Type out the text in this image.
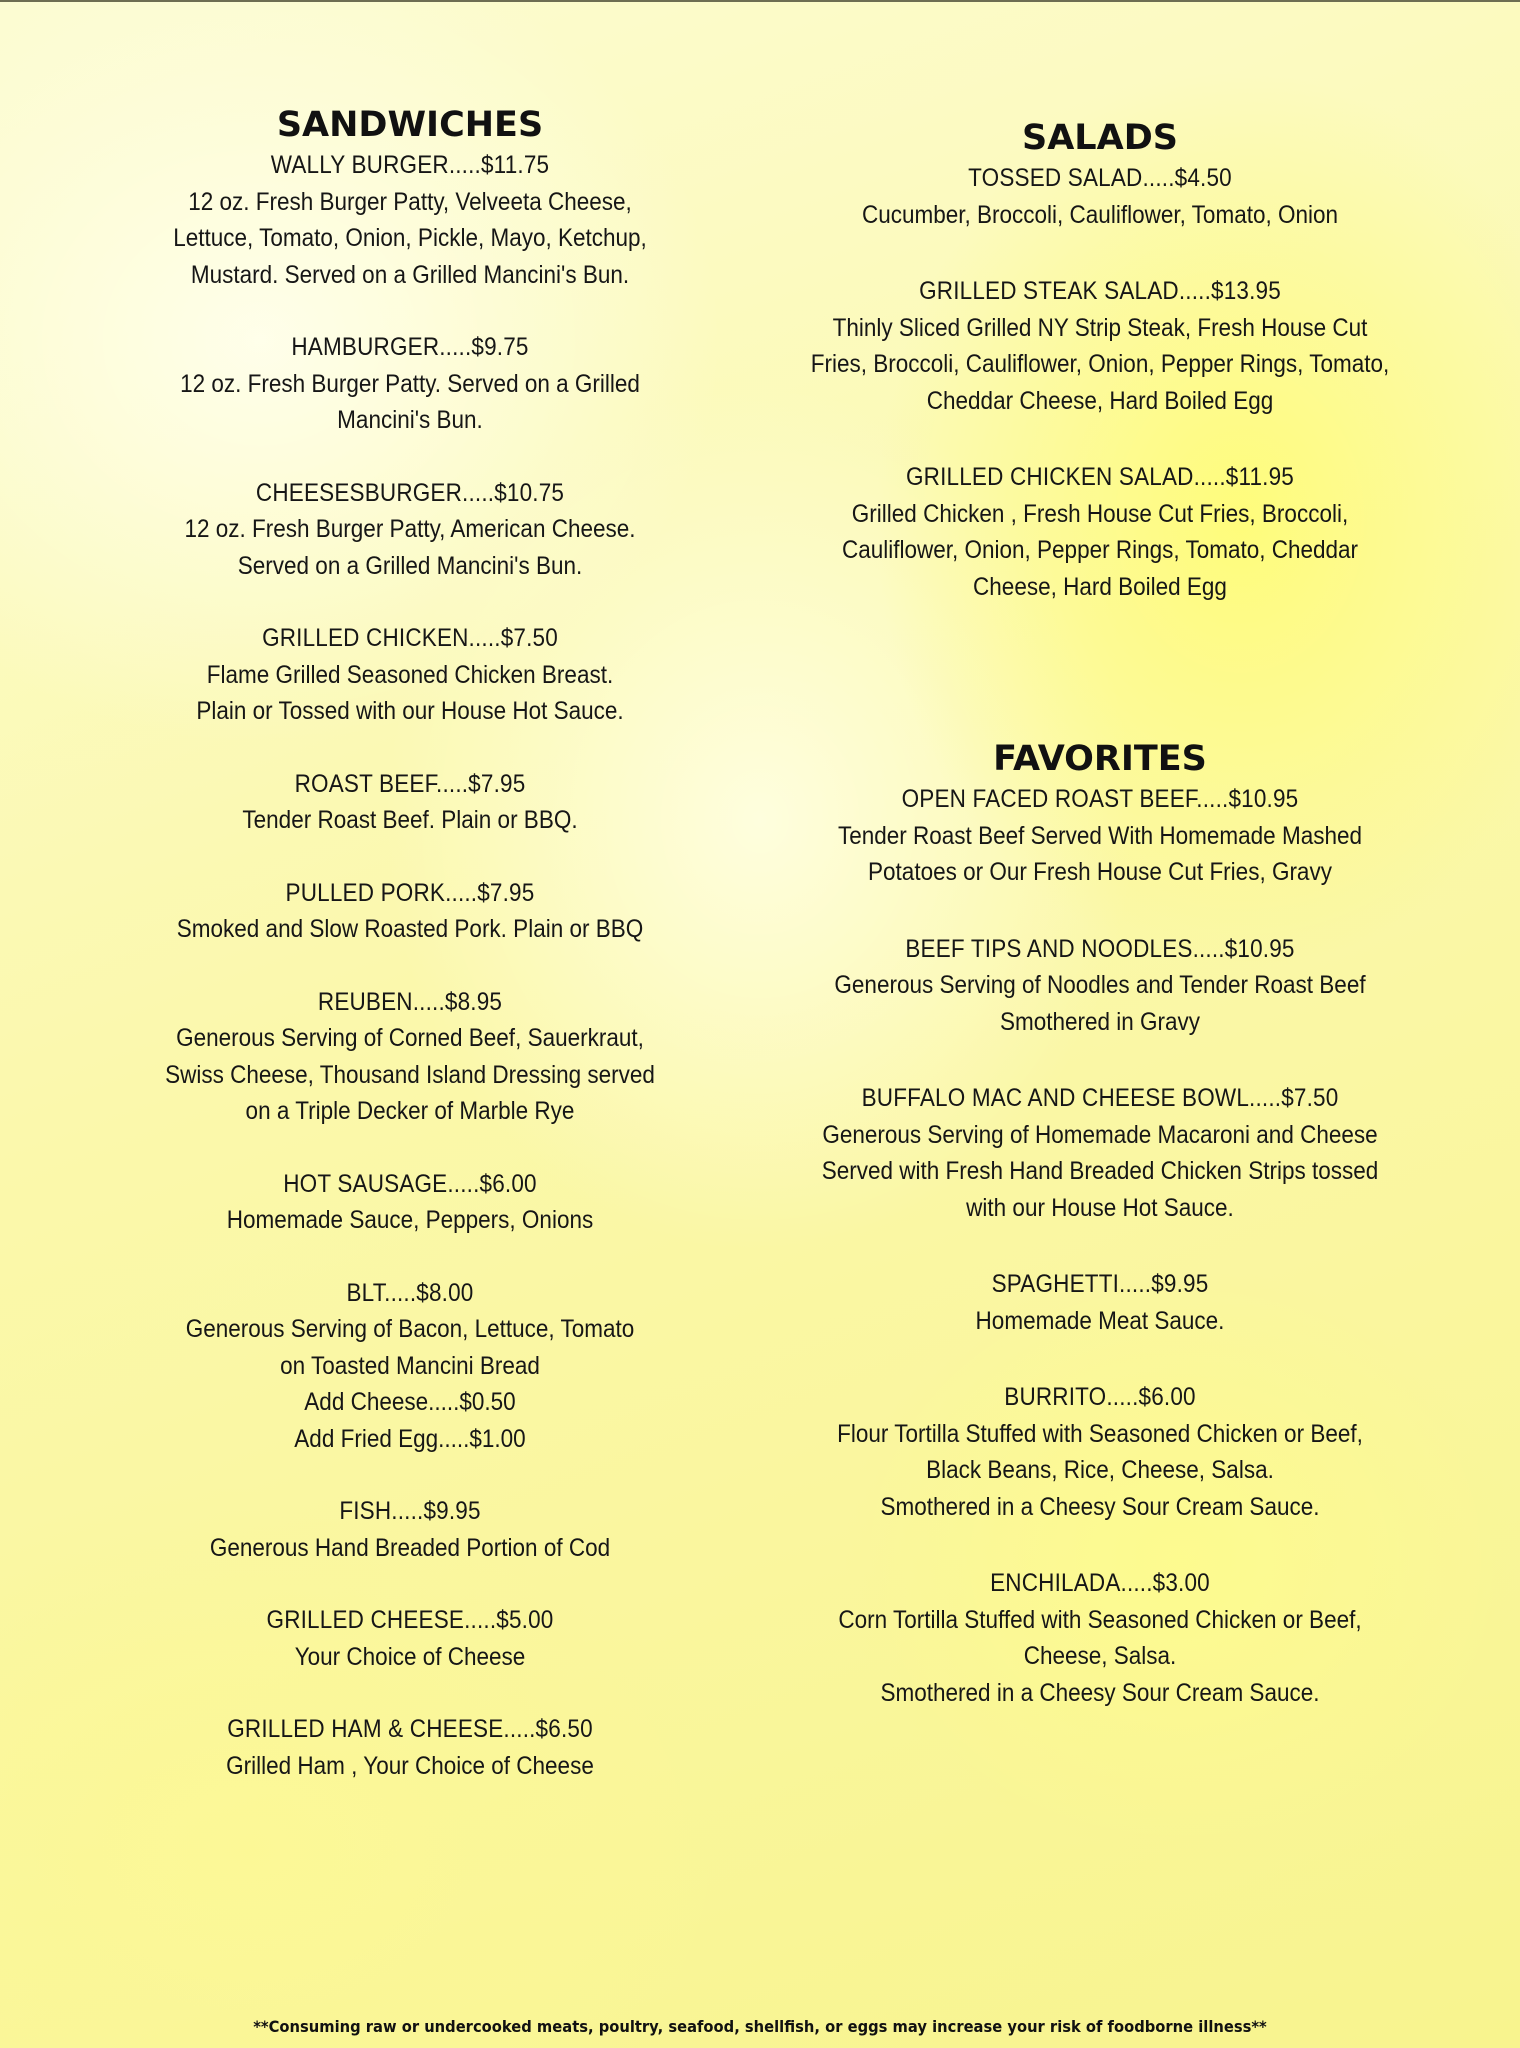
SANDWICHES
WALLY BURGER.....$11.75
12 oz. Fresh Burger Patty, Velveeta Cheese,
Lettuce, Tomato, Onion, Pickle, Mayo, Ketchup,
Mustard. Served on a Grilled Mancini's Bun.
HAMBURGER.....$9.75
12 oz. Fresh Burger Patty. Served on a Grilled
Mancini's Bun.
CHEESESBURGER.....$10.75
12 oz. Fresh Burger Patty, American Cheese.
Served on a Grilled Mancini's Bun.
GRILLED CHICKEN.....$7.50
Flame Grilled Seasoned Chicken Breast.
Plain or Tossed with our House Hot Sauce.
ROAST BEEF.....$7.95
Tender Roast Beef. Plain or BBQ.
PULLED PORK.....$7.95
Smoked and Slow Roasted Pork. Plain or BBQ
REUBEN.....$8.95
Generous Serving of Corned Beef, Sauerkraut,
Swiss Cheese, Thousand Island Dressing served
on a Triple Decker of Marble Rye
HOT SAUSAGE.....$6.00
Homemade Sauce, Peppers, Onions
BLT.....$8.00
Generous Serving of Bacon, Lettuce, Tomato
on Toasted Mancini Bread
Add Cheese.....$0.50
Add Fried Egg.....$1.00
FISH.....$9.95
Generous Hand Breaded Portion of Cod
GRILLED CHEESE.....$5.00
Your Choice of Cheese
GRILLED HAM & CHEESE.....$6.50
Grilled Ham , Your Choice of Cheese
SALADS
TOSSED SALAD.....$4.50
Cucumber, Broccoli, Cauliflower, Tomato, Onion
GRILLED STEAK SALAD.....$13.95
Thinly Sliced Grilled NY Strip Steak, Fresh House Cut
Fries, Broccoli, Cauliflower, Onion, Pepper Rings, Tomato,
Cheddar Cheese, Hard Boiled Egg
GRILLED CHICKEN SALAD.....$11.95
Grilled Chicken , Fresh House Cut Fries, Broccoli,
Cauliflower, Onion, Pepper Rings, Tomato, Cheddar
Cheese, Hard Boiled Egg
FAVORITES
OPEN FACED ROAST BEEF.....$10.95
Tender Roast Beef Served With Homemade Mashed
Potatoes or Our Fresh House Cut Fries, Gravy
BEEF TIPS AND NOODLES.....$10.95
Generous Serving of Noodles and Tender Roast Beef
Smothered in Gravy
BUFFALO MAC AND CHEESE BOWL.....$7.50
Generous Serving of Homemade Macaroni and Cheese
Served with Fresh Hand Breaded Chicken Strips tossed
with our House Hot Sauce.
SPAGHETTI.....$9.95
Homemade Meat Sauce.
BURRITO.....$6.00
Flour Tortilla Stuffed with Seasoned Chicken or Beef,
Black Beans, Rice, Cheese, Salsa.
Smothered in a Cheesy Sour Cream Sauce.
ENCHILADA.....$3.00
Corn Tortilla Stuffed with Seasoned Chicken or Beef,
Cheese, Salsa.
Smothered in a Cheesy Sour Cream Sauce.
**Consuming raw or undercooked meats, poultry, seafood, shellfish, or eggs may increase your risk of foodborne illness**
